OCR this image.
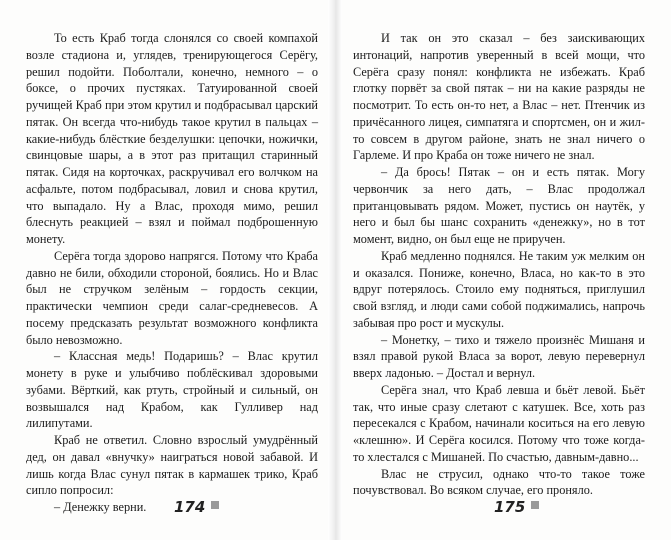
То есть Краб тогда слонялся со своей компахой возле стадиона и, углядев, тренирующегося Серёгу, решил подойти. Поболтали, конечно, немного – о боксе, о прочих пустяках. Татуированной своей ручищей Краб при этом крутил и подбрасывал царский пятак. Он всегда что-нибудь такое крутил в пальцах – какие-нибудь блёсткие безделушки: цепочки, ножички, свинцовые шары, а в этот раз притащил старинный пятак. Сидя на корточках, раскручивал его волчком на асфальте, потом подбрасывал, ловил и снова крутил, что выпадало. Ну а Влас, проходя мимо, решил блеснуть реакцией – взял и поймал подброшенную монету.

Серёга тогда здорово напрягся. Потому что Краба давно не били, обходили стороной, боялись. Но и Влас был не стручком зелёным – гордость секции, практически чемпион среди салаг-средневесов. А посему предсказать результат возможного конфликта было невозможно.

– Классная медь! Подаришь? – Влас крутил монету в руке и улыбчиво поблёскивал здоровыми зубами. Вёрткий, как ртуть, стройный и сильный, он возвышался над Крабом, как Гулливер над лилипутами.

Краб не ответил. Словно взрослый умудрённый дед, он давал «внучку» наиграться новой забавой. И лишь когда Влас сунул пятак в кармашек трико, Краб сипло попросил:

– Денежку верни.

И так он это сказал – без заискивающих интонаций, напротив уверенный в всей мощи, что Серёга сразу понял: конфликта не избежать. Краб глотку порвёт за свой пятак – ни на какие разряды не посмотрит. То есть он-то нет, а Влас – нет. Птенчик из причёсанного лицея, симпатяга и спортсмен, он и жил-то совсем в другом районе, знать не знал ничего о Гарлеме. И про Краба он тоже ничего не знал.

– Да брось! Пятак – он и есть пятак. Могу червончик за него дать, – Влас продолжал пританцовывать рядом. Может, пустись он наутёк, у него и был бы шанс сохранить «денежку», но в тот момент, видно, он был еще не приручен.

Краб медленно поднялся. Не таким уж мелким он и оказался. Пониже, конечно, Власа, но как-то в это вдруг потерялось. Стоило ему подняться, приглушил свой взгляд, и люди сами собой поджимались, напрочь забывая про рост и мускулы.

– Монетку, – тихо и тяжело произнёс Мишаня и взял правой рукой Власа за ворот, левую перевернул вверх ладонью. – Достал и вернул.

Серёга знал, что Краб левша и бьёт левой. Бьёт так, что иные сразу слетают с катушек. Все, хоть раз пересекался с Крабом, начинали коситься на его левую «клешню». И Серёга косился. Потому что тоже когда-то хлестался с Мишаней. По счастью, давным-давно...

Влас не струсил, однако что-то такое тоже почувствовал. Во всяком случае, его проняло.

174	175
